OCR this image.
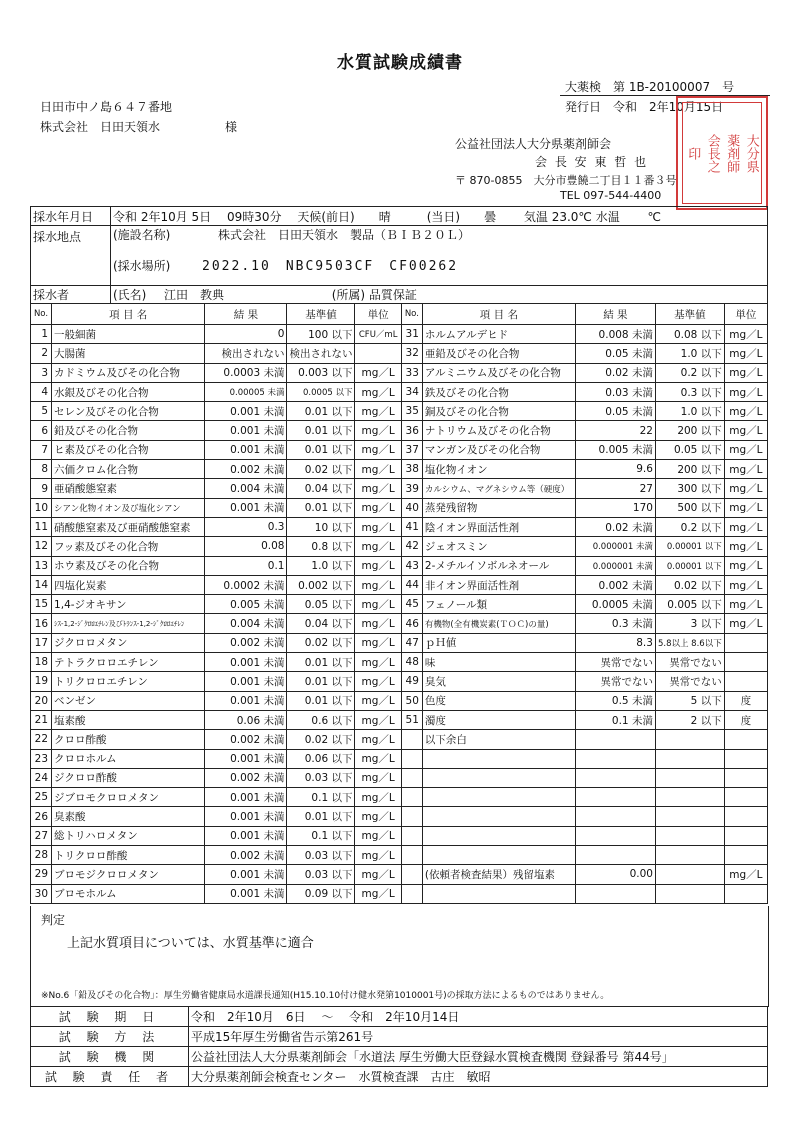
水質試験成績書
大薬検　第 1B-20100007　号
発行日　令和　2年10月15日
日田市中ノ島６４７番地
株式会社　日田天領水	様
公益社団法人大分県薬剤師会
会 長 安 東 哲 也
〒 870-0855　大分市豊饒二丁目１１番３号
TEL 097-544-4400
大分県
薬剤師
会長之
印
採水年月日	令和 2年10月 5日　 09時30分　 天候(前日)　　晴　　　(当日)　　曇　　 気温 23.0℃ 水温　　 ℃
採水地点	(施設名称) 株式会社　日田天領水　製品（ＢＩＢ２０Ｌ）
(採水場所) 2022.10　NBC9503CF　CF00262

採水者	(氏名) 江田　教典 (所属) 品質保証
No.	項 目 名	結 果	基準値	単位	No.	項 目 名	結 果	基準値	単位
1	一般細菌	0	100 以下	CFU／mL	31	ホルムアルデヒド	0.008 未満	0.08 以下	mg／L
2	大腸菌	検出されない	検出されない		32	亜鉛及びその化合物	0.05 未満	1.0 以下	mg／L
3	カドミウム及びその化合物	0.0003 未満	0.003 以下	mg／L	33	アルミニウム及びその化合物	0.02 未満	0.2 以下	mg／L
4	水銀及びその化合物	0.00005 未満	0.0005 以下	mg／L	34	鉄及びその化合物	0.03 未満	0.3 以下	mg／L
5	セレン及びその化合物	0.001 未満	0.01 以下	mg／L	35	銅及びその化合物	0.05 未満	1.0 以下	mg／L
6	鉛及びその化合物	0.001 未満	0.01 以下	mg／L	36	ナトリウム及びその化合物	22	200 以下	mg／L
7	ヒ素及びその化合物	0.001 未満	0.01 以下	mg／L	37	マンガン及びその化合物	0.005 未満	0.05 以下	mg／L
8	六価クロム化合物	0.002 未満	0.02 以下	mg／L	38	塩化物イオン	9.6	200 以下	mg／L
9	亜硝酸態窒素	0.004 未満	0.04 以下	mg／L	39	カルシウム、マグネシウム等（硬度）	27	300 以下	mg／L
10	シアン化物イオン及び塩化シアン	0.001 未満	0.01 以下	mg／L	40	蒸発残留物	170	500 以下	mg／L
11	硝酸態窒素及び亜硝酸態窒素	0.3	10 以下	mg／L	41	陰イオン界面活性剤	0.02 未満	0.2 以下	mg／L
12	フッ素及びその化合物	0.08	0.8 以下	mg／L	42	ジェオスミン	0.000001 未満	0.00001 以下	mg／L
13	ホウ素及びその化合物	0.1	1.0 以下	mg／L	43	2-メチルイソボルネオール	0.000001 未満	0.00001 以下	mg／L
14	四塩化炭素	0.0002 未満	0.002 以下	mg／L	44	非イオン界面活性剤	0.002 未満	0.02 以下	mg／L
15	1,4-ジオキサン	0.005 未満	0.05 以下	mg／L	45	フェノール類	0.0005 未満	0.005 以下	mg／L
16	ｼｽ-1,2-ｼﾞｸﾛﾛｴﾁﾚﾝ及びﾄﾗﾝｽ-1,2-ｼﾞｸﾛﾛｴﾁﾚﾝ	0.004 未満	0.04 以下	mg／L	46	有機物(全有機炭素(ＴＯＣ)の量)	0.3 未満	3 以下	mg／L
17	ジクロロメタン	0.002 未満	0.02 以下	mg／L	47	ｐＨ値	8.3	5.8以上 8.6以下	
18	テトラクロロエチレン	0.001 未満	0.01 以下	mg／L	48	味	異常でない	異常でない	
19	トリクロロエチレン	0.001 未満	0.01 以下	mg／L	49	臭気	異常でない	異常でない	
20	ベンゼン	0.001 未満	0.01 以下	mg／L	50	色度	0.5 未満	5 以下	度
21	塩素酸	0.06 未満	0.6 以下	mg／L	51	濁度	0.1 未満	2 以下	度
22	クロロ酢酸	0.002 未満	0.02 以下	mg／L		以下余白			
23	クロロホルム	0.001 未満	0.06 以下	mg／L					
24	ジクロロ酢酸	0.002 未満	0.03 以下	mg／L					
25	ジブロモクロロメタン	0.001 未満	0.1 以下	mg／L					
26	臭素酸	0.001 未満	0.01 以下	mg／L					
27	総トリハロメタン	0.001 未満	0.1 以下	mg／L					
28	トリクロロ酢酸	0.002 未満	0.03 以下	mg／L					
29	ブロモジクロロメタン	0.001 未満	0.03 以下	mg／L		(依頼者検査結果）残留塩素	0.00		mg／L
30	ブロモホルム	0.001 未満	0.09 以下	mg／L					
判定
上記水質項目については、水質基準に適合
※No.6「鉛及びその化合物」：厚生労働省健康局水道課長通知(H15.10.10付け健水発第1010001号)の採取方法によるものではありません。
試 験 期 日	令和　2年10月　6日　 ～　 令和　2年10月14日
試 験 方 法	平成15年厚生労働省告示第261号
試 験 機 関	公益社団法人大分県薬剤師会「水道法 厚生労働大臣登録水質検査機関 登録番号 第44号」
試 験 責 任 者	大分県薬剤師会検査センター　水質検査課　古庄　敏昭
